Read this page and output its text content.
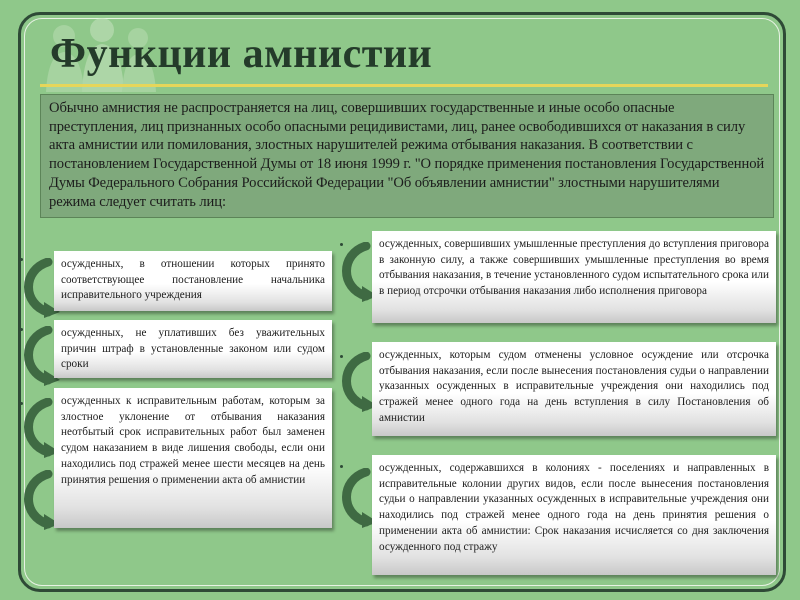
Функции амнистии

Обычно амнистия не распространяется на лиц, совершивших государственные и иные особо опасные преступления, лиц признанных особо опасными рецидивистами, лиц, ранее освободившихся от наказания в силу акта амнистии или помилования, злостных нарушителей режима отбывания наказания. В соответствии с постановлением Государственной Думы от 18 июня 1999 г. "О порядке применения постановления Государственной Думы Федерального Собрания Российской Федерации "Об объявлении амнистии" злостными нарушителями режима следует считать лиц:

осужденных, в отношении которых принято соответствующее постановление начальника исправительного учреждения

осужденных, не уплативших без уважительных причин штраф в установленные законом или судом сроки

осужденных к исправительным работам, которым за злостное уклонение от отбывания наказания неотбытый срок исправительных работ был заменен судом наказанием в виде лишения свободы, если они находились под стражей менее шести месяцев на день принятия решения о применении акта об амнистии

осужденных, совершивших умышленные преступления до вступления приговора в законную силу, а также совершивших умышленные преступления во время отбывания наказания, в течение установленного судом испытательного срока или в период отсрочки отбывания наказания либо исполнения приговора

осужденных, которым судом отменены условное осуждение или отсрочка отбывания наказания, если после вынесения постановления судьи о направлении указанных осужденных в исправительные учреждения они находились под стражей менее одного года на день вступления в силу Постановления об амнистии

осужденных, содержавшихся в колониях - поселениях и направленных в исправительные колонии других видов, если после вынесения постановления судьи о направлении указанных осужденных в исправительные учреждения они находились под стражей менее одного года на день принятия решения о применении акта об амнистии: Срок наказания исчисляется со дня заключения осужденного под стражу
